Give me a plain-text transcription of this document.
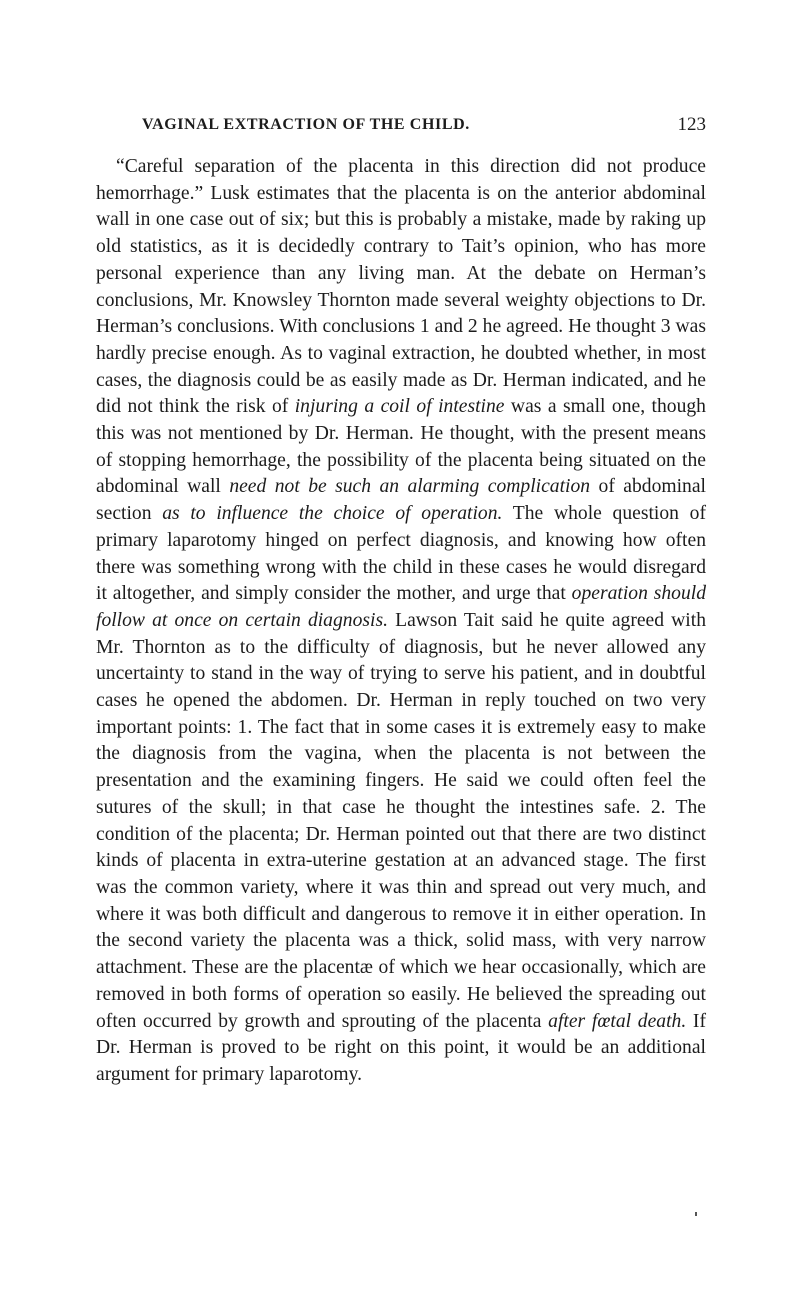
VAGINAL EXTRACTION OF THE CHILD.	123

“Careful separation of the placenta in this direction did not produce hemorrhage.” Lusk estimates that the placenta is on the anterior abdominal wall in one case out of six; but this is probably a mistake, made by raking up old statistics, as it is decidedly contrary to Tait’s opinion, who has more personal experience than any living man. At the debate on Herman’s conclusions, Mr. Knowsley Thornton made several weighty objections to Dr. Herman’s conclusions. With conclusions 1 and 2 he agreed. He thought 3 was hardly precise enough. As to vaginal extraction, he doubted whether, in most cases, the diagnosis could be as easily made as Dr. Herman indicated, and he did not think the risk of injuring a coil of intestine was a small one, though this was not mentioned by Dr. Herman. He thought, with the present means of stopping hemorrhage, the possibility of the placenta being situated on the abdominal wall need not be such an alarming complication of abdominal section as to influence the choice of operation. The whole question of primary laparotomy hinged on perfect diagnosis, and knowing how often there was something wrong with the child in these cases he would disregard it altogether, and simply consider the mother, and urge that operation should follow at once on certain diagnosis. Lawson Tait said he quite agreed with Mr. Thornton as to the difficulty of diagnosis, but he never allowed any uncertainty to stand in the way of trying to serve his patient, and in doubtful cases he opened the abdomen. Dr. Herman in reply touched on two very important points: 1. The fact that in some cases it is extremely easy to make the diagnosis from the vagina, when the placenta is not between the presentation and the examining fingers. He said we could often feel the sutures of the skull; in that case he thought the intestines safe. 2. The condition of the placenta; Dr. Herman pointed out that there are two distinct kinds of placenta in extra-uterine gestation at an advanced stage. The first was the common variety, where it was thin and spread out very much, and where it was both difficult and dangerous to remove it in either operation. In the second variety the placenta was a thick, solid mass, with very narrow attachment. These are the placentæ of which we hear occasionally, which are removed in both forms of operation so easily. He believed the spreading out often occurred by growth and sprouting of the placenta after fœtal death. If Dr. Herman is proved to be right on this point, it would be an additional argument for primary laparotomy.
